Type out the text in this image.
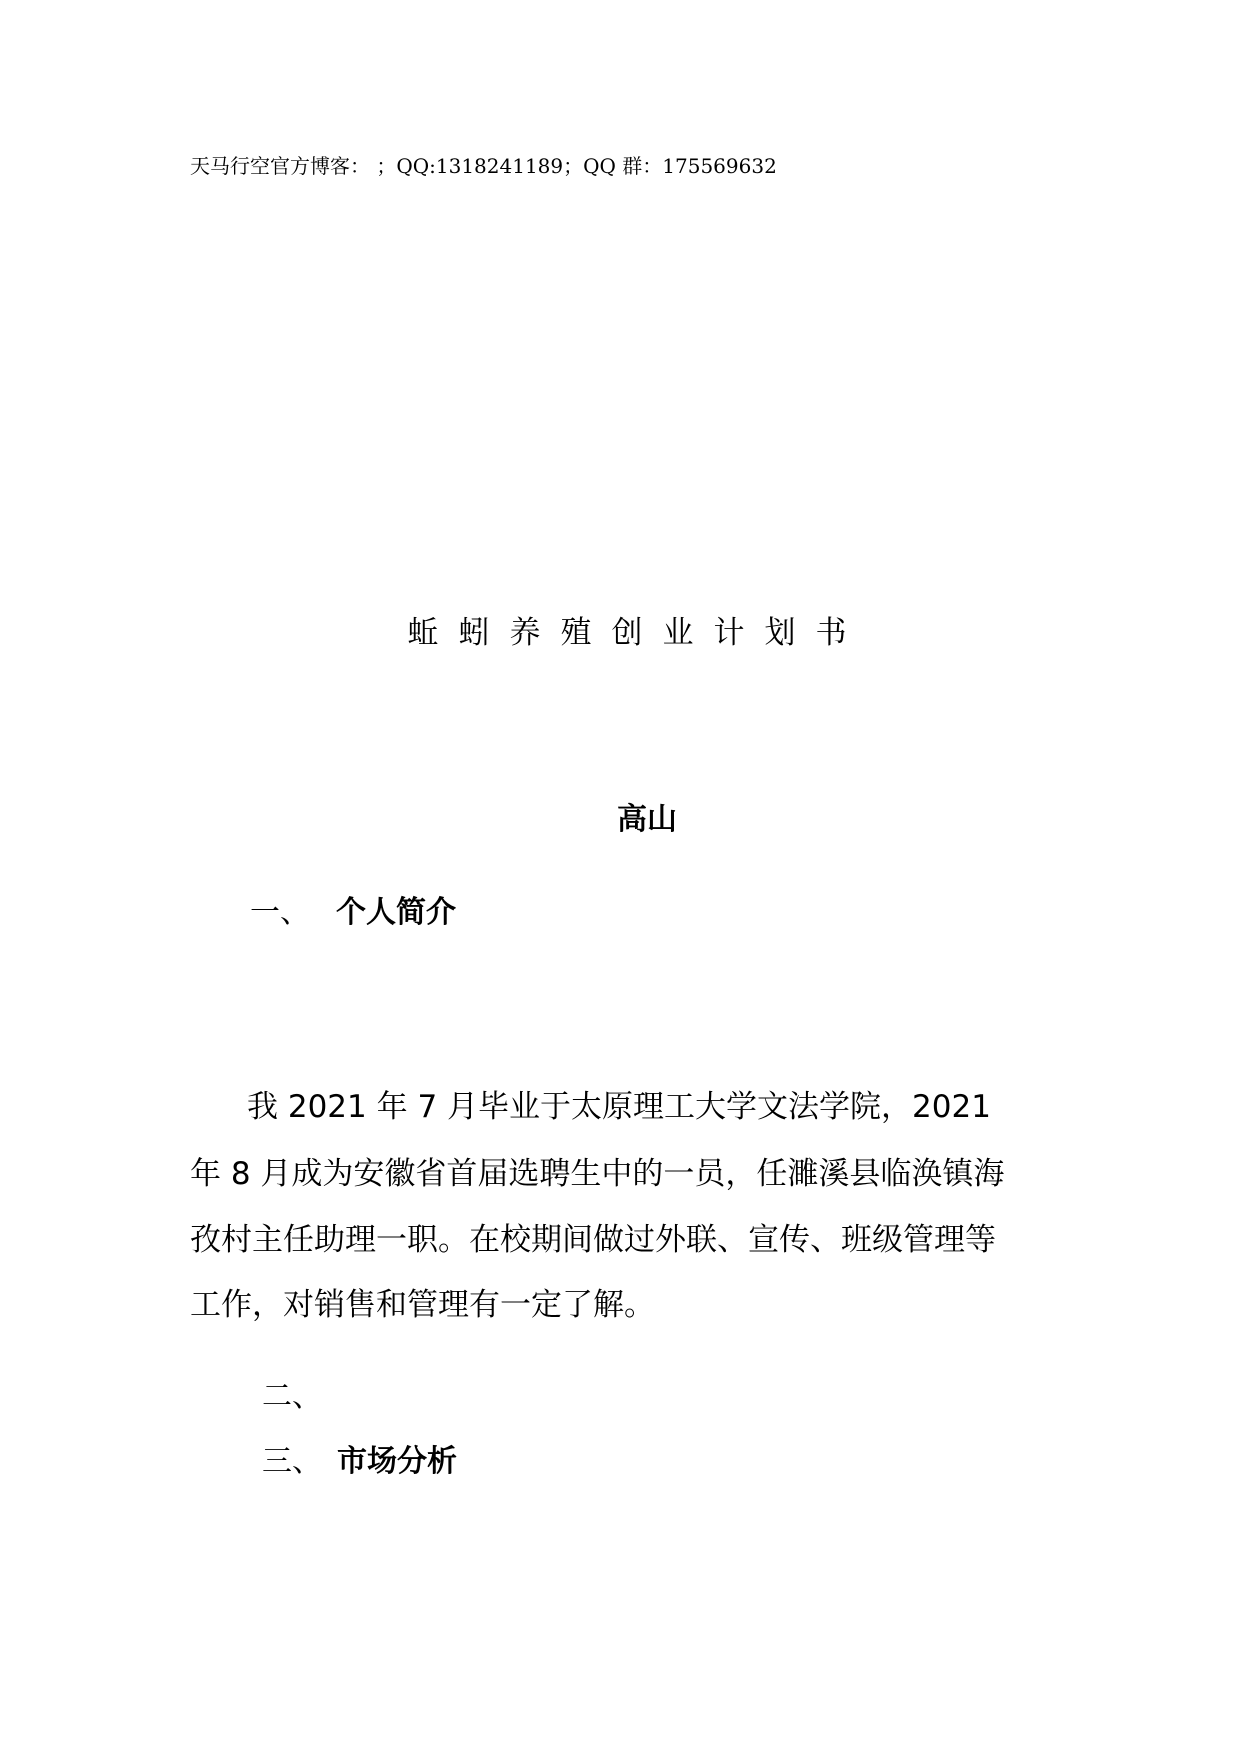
天马行空官方博客： ；QQ:1318241189；QQ 群：175569632
蚯蚓养殖创业计划书
高山
一、 个人简介
我 2021 年 7 月毕业于太原理工大学文法学院，2021
年 8 月成为安徽省首届选聘生中的一员，任濉溪县临涣镇海
孜村主任助理一职。在校期间做过外联、宣传、班级管理等
工作，对销售和管理有一定了解。
二、
三、 市场分析
